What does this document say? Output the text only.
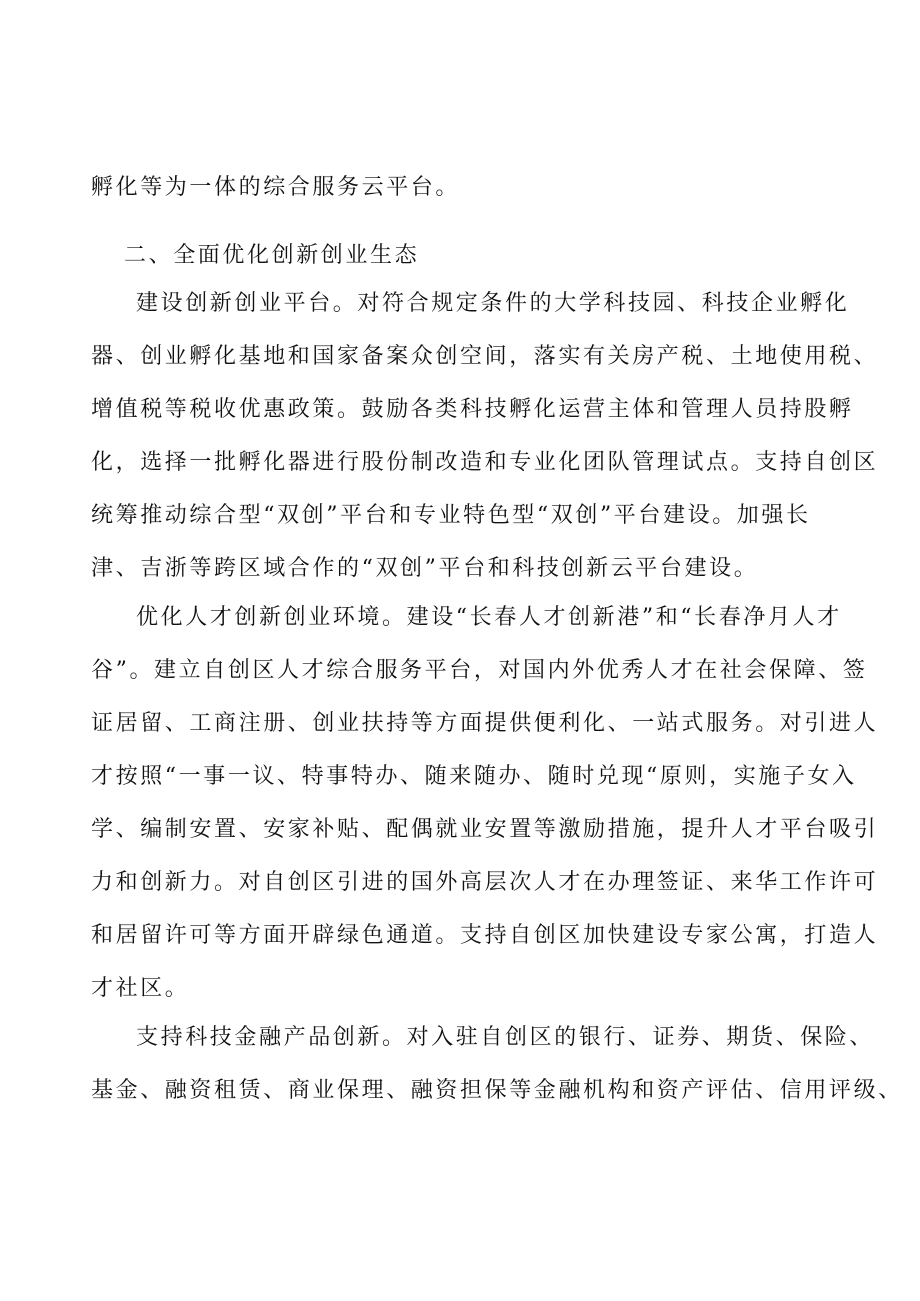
孵化等为一体的综合服务云平台。
二、全面优化创新创业生态
建设创新创业平台。对符合规定条件的大学科技园、科技企业孵化
器、创业孵化基地和国家备案众创空间，落实有关房产税、土地使用税、
增值税等税收优惠政策。鼓励各类科技孵化运营主体和管理人员持股孵
化，选择一批孵化器进行股份制改造和专业化团队管理试点。支持自创区
统筹推动综合型“双创”平台和专业特色型“双创”平台建设。加强长
津、吉浙等跨区域合作的“双创”平台和科技创新云平台建设。
优化人才创新创业环境。建设“长春人才创新港”和“长春净月人才
谷”。建立自创区人才综合服务平台，对国内外优秀人才在社会保障、签
证居留、工商注册、创业扶持等方面提供便利化、一站式服务。对引进人
才按照“一事一议、特事特办、随来随办、随时兑现“原则，实施子女入
学、编制安置、安家补贴、配偶就业安置等激励措施，提升人才平台吸引
力和创新力。对自创区引进的国外高层次人才在办理签证、来华工作许可
和居留许可等方面开辟绿色通道。支持自创区加快建设专家公寓，打造人
才社区。
支持科技金融产品创新。对入驻自创区的银行、证券、期货、保险、
基金、融资租赁、商业保理、融资担保等金融机构和资产评估、信用评级、
